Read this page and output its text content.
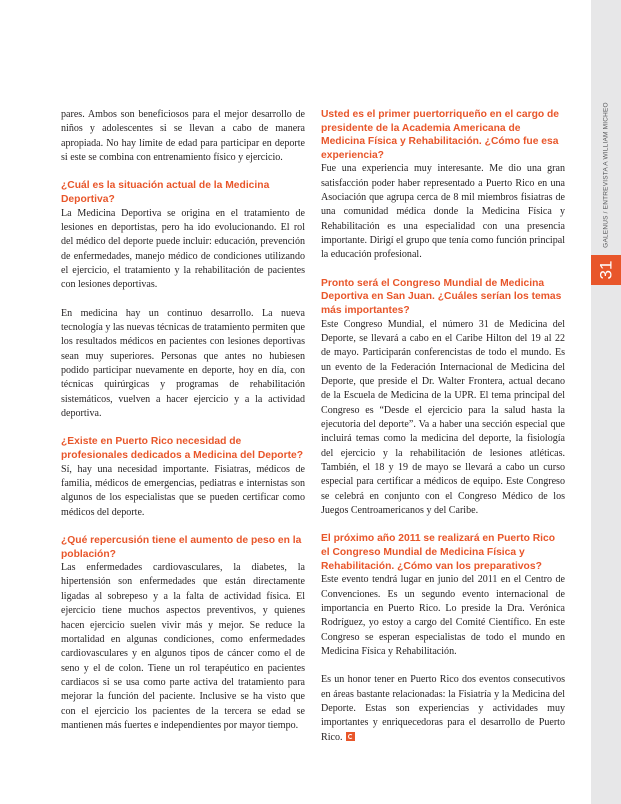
pares. Ambos son beneficiosos para el mejor desarrollo de niños y adolescentes si se llevan a cabo de manera apropiada. No hay límite de edad para participar en deporte si este se combina con entrenamiento físico y ejercicio.

¿Cuál es la situación actual de la Medicina Deportiva?

La Medicina Deportiva se origina en el tratamiento de lesiones en deportistas, pero ha ido evolucionando. El rol del médico del deporte puede incluir: educación, prevención de enfermedades, manejo médico de condiciones utilizando el ejercicio, el tratamiento y la rehabilitación de pacientes con lesiones deportivas.

En medicina hay un continuo desarrollo. La nueva tecnología y las nuevas técnicas de tratamiento permiten que los resultados médicos en pacientes con lesiones deportivas sean muy superiores. Personas que antes no hubiesen podido participar nuevamente en deporte, hoy en día, con técnicas quirúrgicas y programas de rehabilitación sistemáticos, vuelven a hacer ejercicio y a la actividad deportiva.

¿Existe en Puerto Rico necesidad de profesionales dedicados a Medicina del Deporte?

Sí, hay una necesidad importante. Fisiatras, médicos de familia, médicos de emergencias, pediatras e internistas son algunos de los especialistas que se pueden certificar como médicos del deporte.

¿Qué repercusión tiene el aumento de peso en la población?

Las enfermedades cardiovasculares, la diabetes, la hipertensión son enfermedades que están directamente ligadas al sobrepeso y a la falta de actividad física. El ejercicio tiene muchos aspectos preventivos, y quienes hacen ejercicio suelen vivir más y mejor. Se reduce la mortalidad en algunas condiciones, como enfermedades cardiovasculares y en algunos tipos de cáncer como el de seno y el de colon. Tiene un rol terapéutico en pacientes cardiacos si se usa como parte activa del tratamiento para mejorar la función del paciente. Inclusive se ha visto que con el ejercicio los pacientes de la tercera se edad se mantienen más fuertes e independientes por mayor tiempo.

Usted es el primer puertorriqueño en el cargo de presidente de la Academia Americana de Medicina Física y Rehabilitación. ¿Cómo fue esa experiencia?

Fue una experiencia muy interesante. Me dio una gran satisfacción poder haber representado a Puerto Rico en una Asociación que agrupa cerca de 8 mil miembros fisiatras de una comunidad médica donde la Medicina Física y Rehabilitación es una especialidad con una presencia importante. Dirigí el grupo que tenía como función principal la educación profesional.

Pronto será el Congreso Mundial de Medicina Deportiva en San Juan. ¿Cuáles serían los temas más importantes?

Este Congreso Mundial, el número 31 de Medicina del Deporte, se llevará a cabo en el Caribe Hilton del 19 al 22 de mayo. Participarán conferencistas de todo el mundo. Es un evento de la Federación Internacional de Medicina del Deporte, que preside el Dr. Walter Frontera, actual decano de la Escuela de Medicina de la UPR. El tema principal del Congreso es “Desde el ejercicio para la salud hasta la ejecutoria del deporte”. Va a haber una sección especial que incluirá temas como la medicina del deporte, la fisiología del ejercicio y la rehabilitación de lesiones atléticas. También, el 18 y 19 de mayo se llevará a cabo un curso especial para certificar a médicos de equipo. Este Congreso se celebrá en conjunto con el Congreso Médico de los Juegos Centroamericanos y del Caribe.

El próximo año 2011 se realizará en Puerto Rico el Congreso Mundial de Medicina Física y Rehabilitación. ¿Cómo van los preparativos?

Este evento tendrá lugar en junio del 2011 en el Centro de Convenciones. Es un segundo evento internacional de importancia en Puerto Rico. Lo preside la Dra. Verónica Rodríguez, yo estoy a cargo del Comité Científico. En este Congreso se esperan especialistas de todo el mundo en Medicina Física y Rehabilitación.

Es un honor tener en Puerto Rico dos eventos consecutivos en áreas bastante relacionadas: la Fisiatría y la Medicina del Deporte. Estas son experiencias y actividades muy importantes y enriquecedoras para el desarrollo de Puerto Rico.

GALENUS / ENTREVISTA A WILLIAM MICHEO
31
